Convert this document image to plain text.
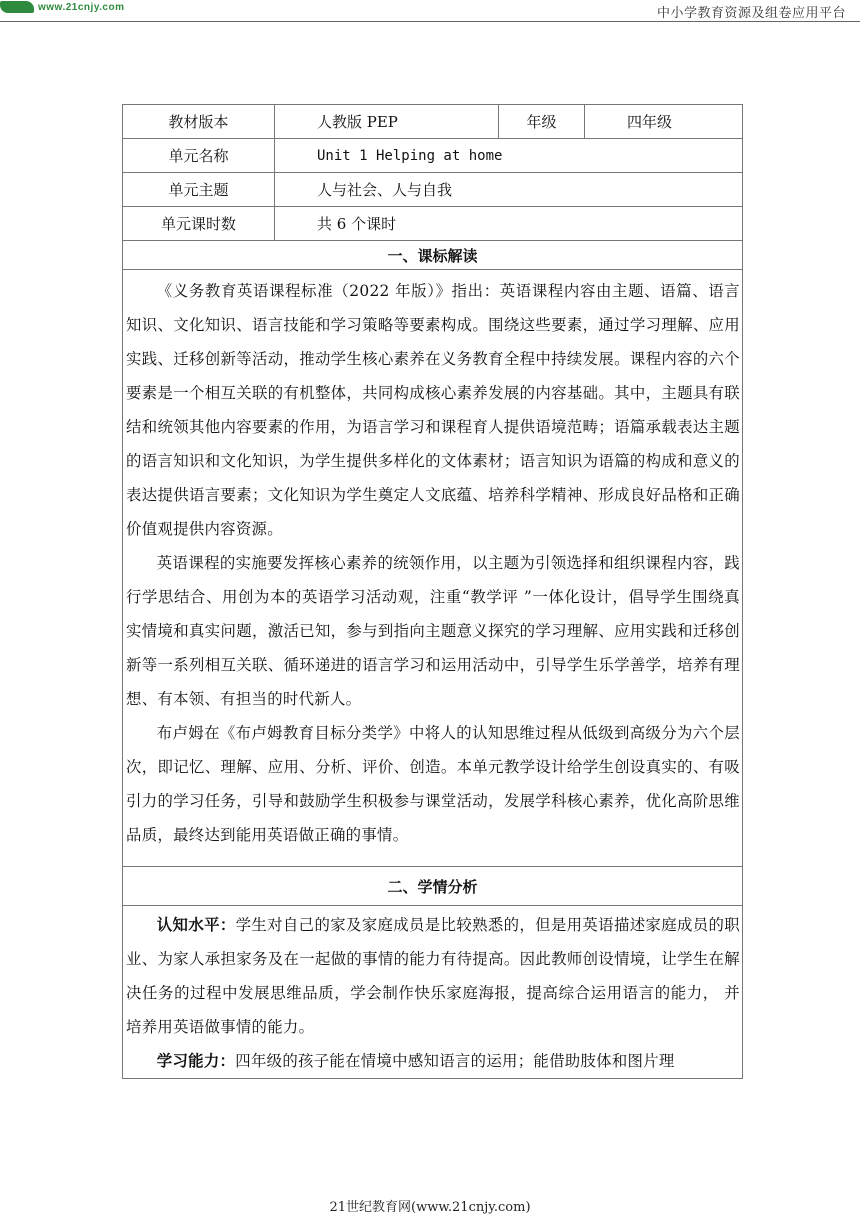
www.21cnjy.com	中小学教育资源及组卷应用平台
教材版本	人教版 PEP	年级	四年级
单元名称	Unit 1 Helping at home		
单元主题	人与社会、人与自我		
单元课时数	共 6 个课时		
一、课标解读			

《义务教育英语课程标准（2022 年版）》指出：英语课程内容由主题、语篇、语言知识、文化知识、语言技能和学习策略等要素构成。围绕这些要素，通过学习理解、应用实践、迁移创新等活动，推动学生核心素养在义务教育全程中持续发展。课程内容的六个要素是一个相互关联的有机整体，共同构成核心素养发展的内容基础。其中，主题具有联结和统领其他内容要素的作用，为语言学习和课程育人提供语境范畴；语篇承载表达主题的语言知识和文化知识，为学生提供多样化的文体素材；语言知识为语篇的构成和意义的表达提供语言要素；文化知识为学生奠定人文底蕴、培养科学精神、形成良好品格和正确价值观提供内容资源。

英语课程的实施要发挥核心素养的统领作用，以主题为引领选择和组织课程内容，践行学思结合、用创为本的英语学习活动观，注重“教学评 ”一体化设计，倡导学生围绕真实情境和真实问题，激活已知，参与到指向主题意义探究的学习理解、应用实践和迁移创新等一系列相互关联、循环递进的语言学习和运用活动中，引导学生乐学善学，培养有理想、有本领、有担当的时代新人。

布卢姆在《布卢姆教育目标分类学》中将人的认知思维过程从低级到高级分为六个层次，即记忆、理解、应用、分析、评价、创造。本单元教学设计给学生创设真实的、有吸引力的学习任务，引导和鼓励学生积极参与课堂活动，发展学科核心素养，优化高阶思维品质，最终达到能用英语做正确的事情。			

二、学情分析			

认知水平：学生对自己的家及家庭成员是比较熟悉的，但是用英语描述家庭成员的职业、为家人承担家务及在一起做的事情的能力有待提高。因此教师创设情境，让学生在解决任务的过程中发展思维品质，学会制作快乐家庭海报，提高综合运用语言的能力， 并培养用英语做事情的能力。

学习能力：四年级的孩子能在情境中感知语言的运用；能借助肢体和图片理			

21世纪教育网(www.21cnjy.com)
